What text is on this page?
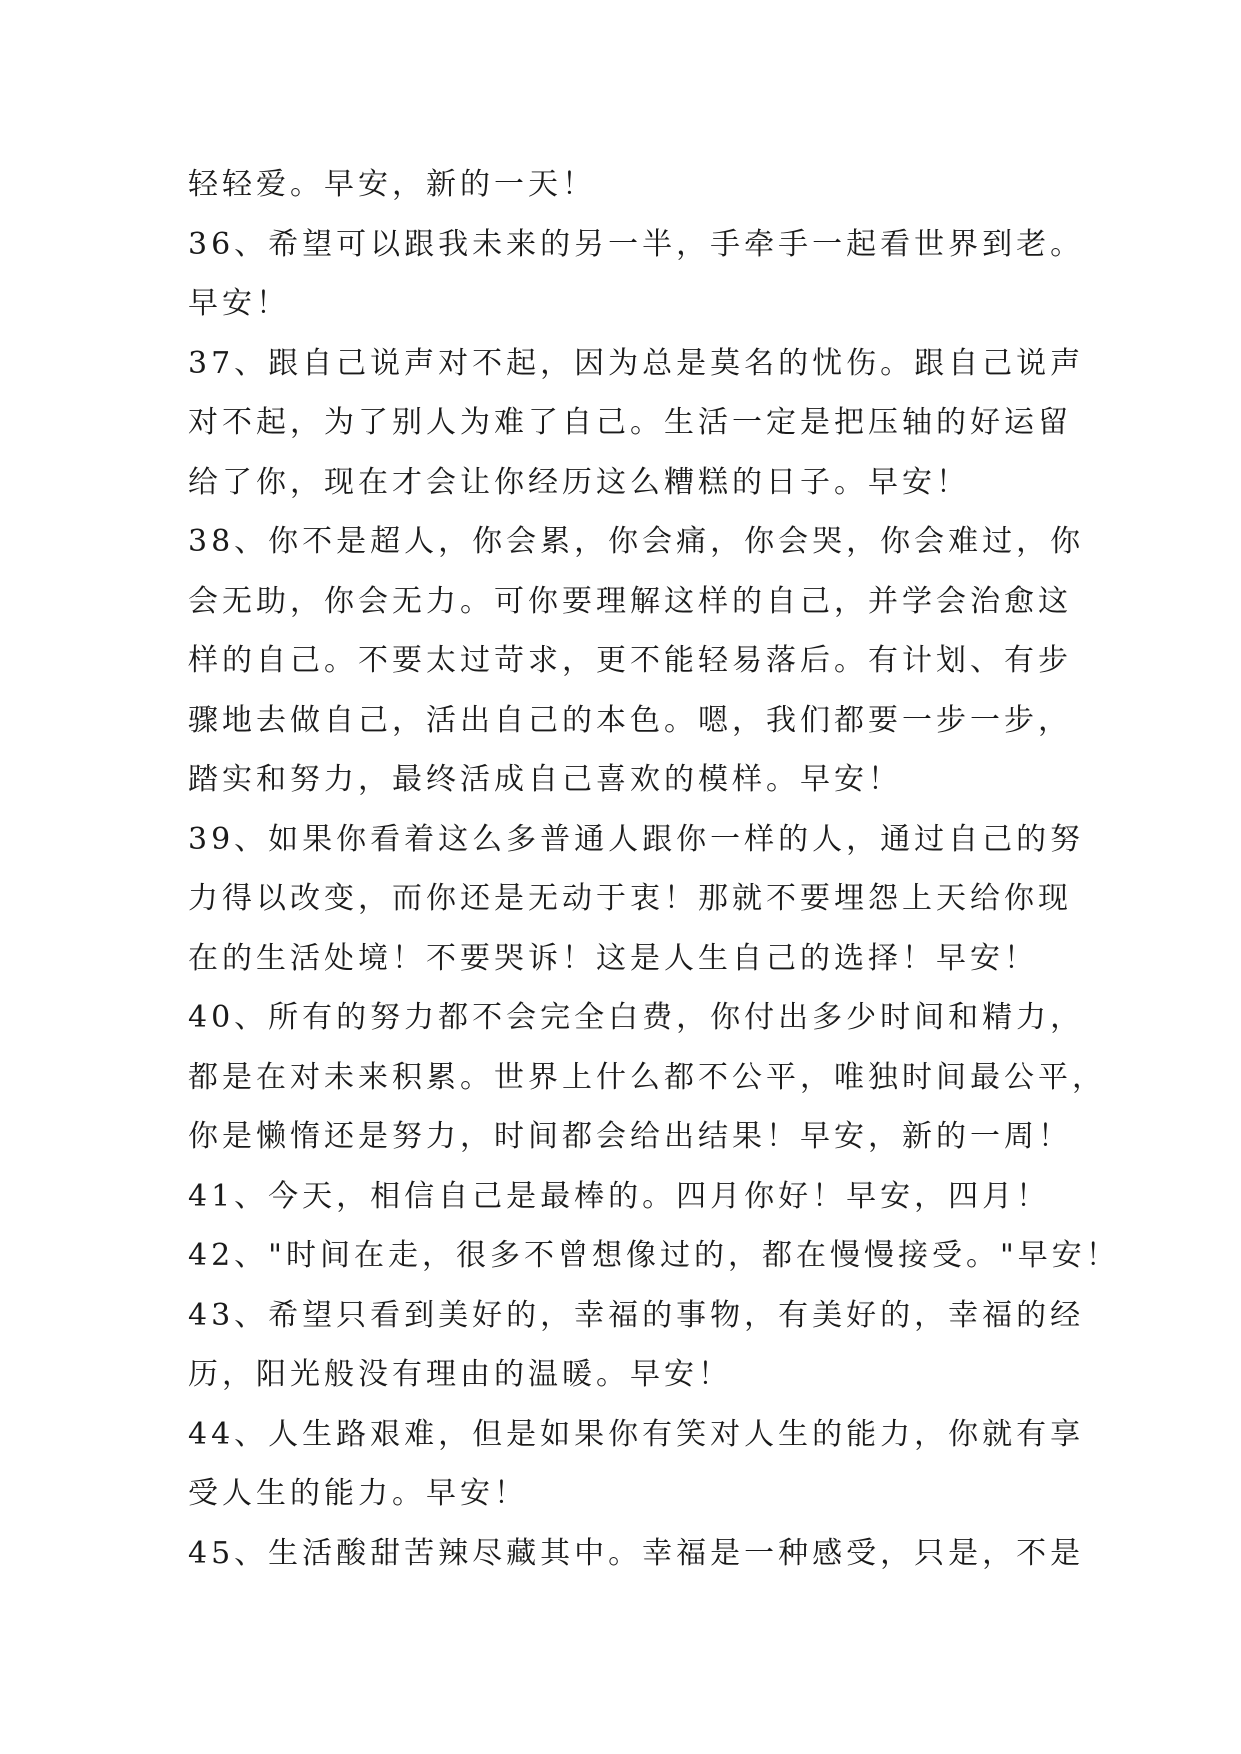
轻轻爱。早安，新的一天！
36、希望可以跟我未来的另一半，手牵手一起看世界到老。
早安！
37、跟自己说声对不起，因为总是莫名的忧伤。跟自己说声
对不起，为了别人为难了自己。生活一定是把压轴的好运留
给了你，现在才会让你经历这么糟糕的日子。早安！
38、你不是超人，你会累，你会痛，你会哭，你会难过，你
会无助，你会无力。可你要理解这样的自己，并学会治愈这
样的自己。不要太过苛求，更不能轻易落后。有计划、有步
骤地去做自己，活出自己的本色。嗯，我们都要一步一步，
踏实和努力，最终活成自己喜欢的模样。早安！
39、如果你看着这么多普通人跟你一样的人，通过自己的努
力得以改变，而你还是无动于衷！那就不要埋怨上天给你现
在的生活处境！不要哭诉！这是人生自己的选择！早安！
40、所有的努力都不会完全白费，你付出多少时间和精力，
都是在对未来积累。世界上什么都不公平，唯独时间最公平，
你是懒惰还是努力，时间都会给出结果！早安，新的一周！
41、今天，相信自己是最棒的。四月你好！早安，四月！
42、"时间在走，很多不曾想像过的，都在慢慢接受。"早安！
43、希望只看到美好的，幸福的事物，有美好的，幸福的经
历，阳光般没有理由的温暖。早安！
44、人生路艰难，但是如果你有笑对人生的能力，你就有享
受人生的能力。早安！
45、生活酸甜苦辣尽藏其中。幸福是一种感受，只是，不是
